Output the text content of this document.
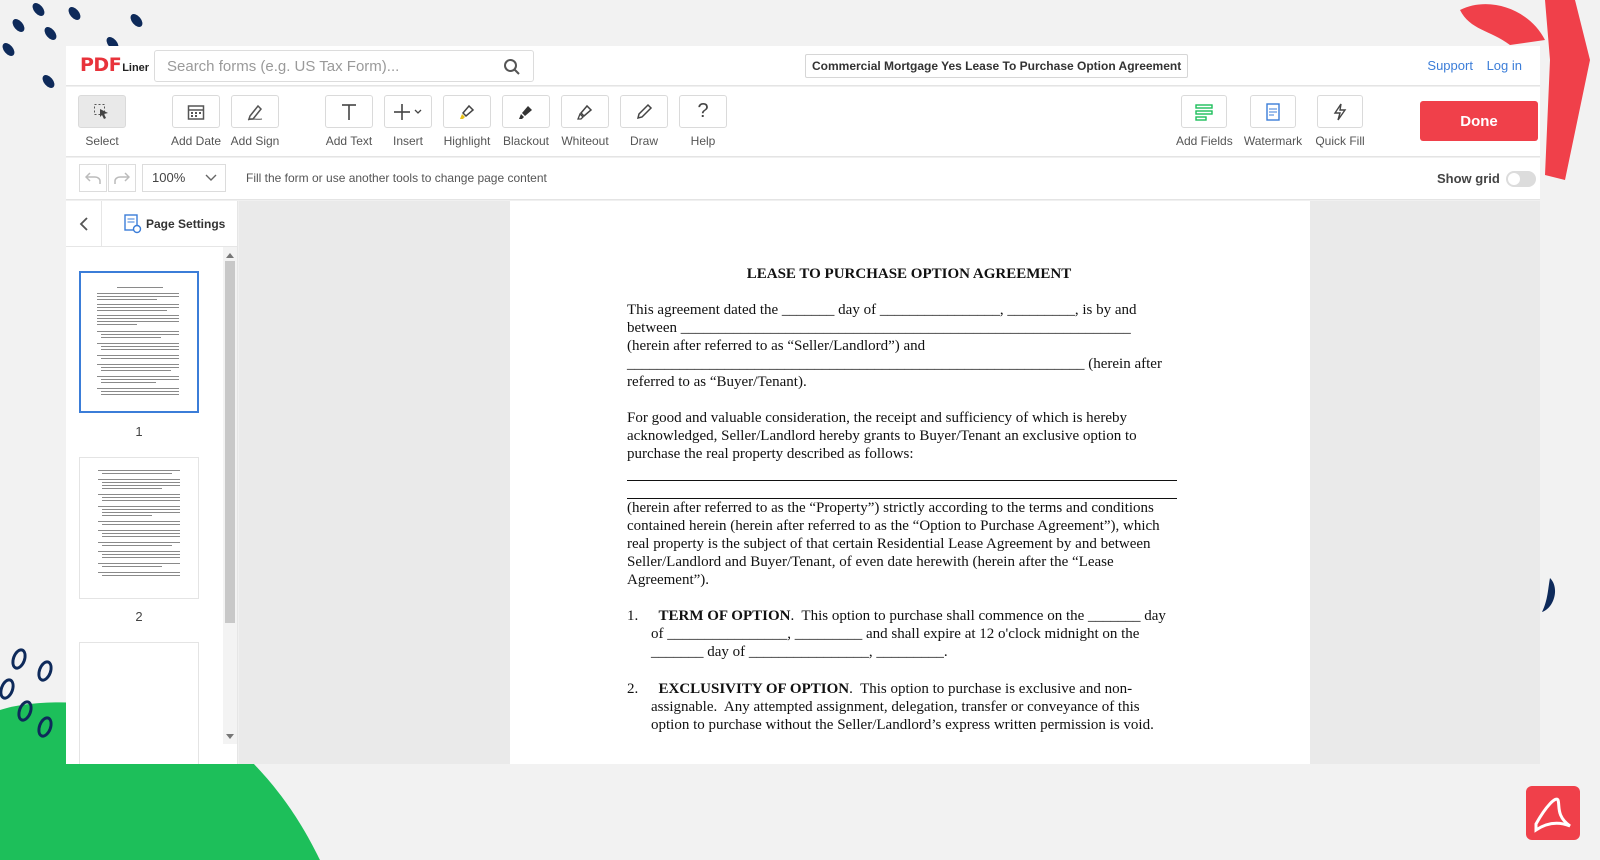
PDF Liner
Search forms (e.g. US Tax Form)...	Commercial Mortgage Yes Lease To Purchase Option Agreement	Support Log in
Select	Add Date Add Sign	Add Text	Insert	Highlight	Blackout	Whiteout	Draw
?
Help	Add Fields Watermark Quick Fill
Done
100%	Fill the form or use another tools to change page content	Show grid
Page Settings
1
2
LEASE TO PURCHASE OPTION AGREEMENT

This agreement dated the _______ day of ________________, _________, is by and

between ____________________________________________________________

(herein after referred to as “Seller/Landlord”) and

_____________________________________________________________ (herein after

referred to as “Buyer/Tenant).

For good and valuable consideration, the receipt and sufficiency of which is hereby

acknowledged, Seller/Landlord hereby grants to Buyer/Tenant an exclusive option to

purchase the real property described as follows:

(herein after referred to as the “Property”) strictly according to the terms and conditions

contained herein (herein after referred to as the “Option to Purchase Agreement”), which

real property is the subject of that certain Residential Lease Agreement by and between

Seller/Landlord and Buyer/Tenant, of even date herewith (herein after the “Lease

Agreement”).

1.	TERM OF OPTION.  This option to purchase shall commence on the _______ day

of ________________, _________ and shall expire at 12 o'clock midnight on the

_______ day of ________________, _________.

2.	EXCLUSIVITY OF OPTION.  This option to purchase is exclusive and non-

assignable.  Any attempted assignment, delegation, transfer or conveyance of this

option to purchase without the Seller/Landlord’s express written permission is void.
